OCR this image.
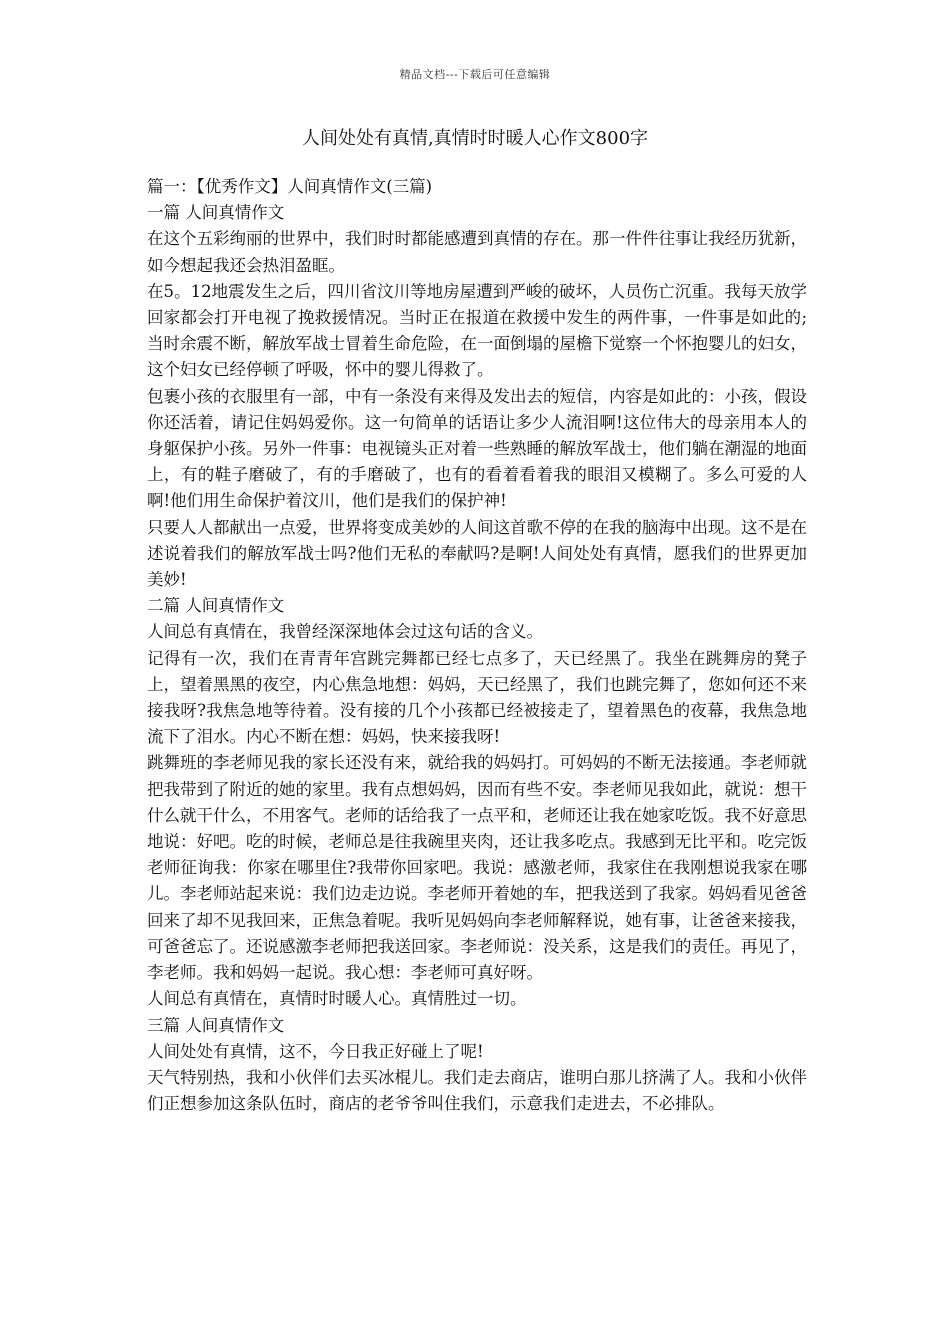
精品文档---下载后可任意编辑
人间处处有真情,真情时时暖人心作文800字

篇一：【优秀作文】人间真情作文(三篇)

一篇 人间真情作文

在这个五彩绚丽的世界中，我们时时都能感遭到真情的存在。那一件件往事让我经历犹新，如今想起我还会热泪盈眶。

在5。12地震发生之后，四川省汶川等地房屋遭到严峻的破坏，人员伤亡沉重。我每天放学回家都会打开电视了挽救援情况。当时正在报道在救援中发生的两件事，一件事是如此的;当时余震不断，解放军战士冒着生命危险，在一面倒塌的屋檐下觉察一个怀抱婴儿的妇女，这个妇女已经停顿了呼吸，怀中的婴儿得救了。

包裹小孩的衣服里有一部，中有一条没有来得及发出去的短信，内容是如此的：小孩，假设你还活着，请记住妈妈爱你。这一句简单的话语让多少人流泪啊!这位伟大的母亲用本人的身躯保护小孩。另外一件事：电视镜头正对着一些熟睡的解放军战士，他们躺在潮湿的地面上，有的鞋子磨破了，有的手磨破了，也有的看着看着我的眼泪又模糊了。多么可爱的人啊!他们用生命保护着汶川，他们是我们的保护神!

只要人人都献出一点爱，世界将变成美妙的人间这首歌不停的在我的脑海中出现。这不是在述说着我们的解放军战士吗?他们无私的奉献吗?是啊!人间处处有真情，愿我们的世界更加美妙!

二篇 人间真情作文

人间总有真情在，我曾经深深地体会过这句话的含义。

记得有一次，我们在青青年宫跳完舞都已经七点多了，天已经黑了。我坐在跳舞房的凳子上，望着黑黑的夜空，内心焦急地想：妈妈，天已经黑了，我们也跳完舞了，您如何还不来接我呀?我焦急地等待着。没有接的几个小孩都已经被接走了，望着黑色的夜幕，我焦急地流下了泪水。内心不断在想：妈妈，快来接我呀!

跳舞班的李老师见我的家长还没有来，就给我的妈妈打。可妈妈的不断无法接通。李老师就把我带到了附近的她的家里。我有点想妈妈，因而有些不安。李老师见我如此，就说：想干什么就干什么，不用客气。老师的话给我了一点平和，老师还让我在她家吃饭。我不好意思地说：好吧。吃的时候，老师总是往我碗里夹肉，还让我多吃点。我感到无比平和。吃完饭老师征询我：你家在哪里住?我带你回家吧。我说：感激老师，我家住在我刚想说我家在哪儿。李老师站起来说：我们边走边说。李老师开着她的车，把我送到了我家。妈妈看见爸爸回来了却不见我回来，正焦急着呢。我听见妈妈向李老师解释说，她有事，让爸爸来接我，可爸爸忘了。还说感激李老师把我送回家。李老师说：没关系，这是我们的责任。再见了，李老师。我和妈妈一起说。我心想：李老师可真好呀。

人间总有真情在，真情时时暖人心。真情胜过一切。

三篇 人间真情作文

人间处处有真情，这不，今日我正好碰上了呢!

天气特别热，我和小伙伴们去买冰棍儿。我们走去商店，谁明白那儿挤满了人。我和小伙伴们正想参加这条队伍时，商店的老爷爷叫住我们，示意我们走进去，不必排队。
